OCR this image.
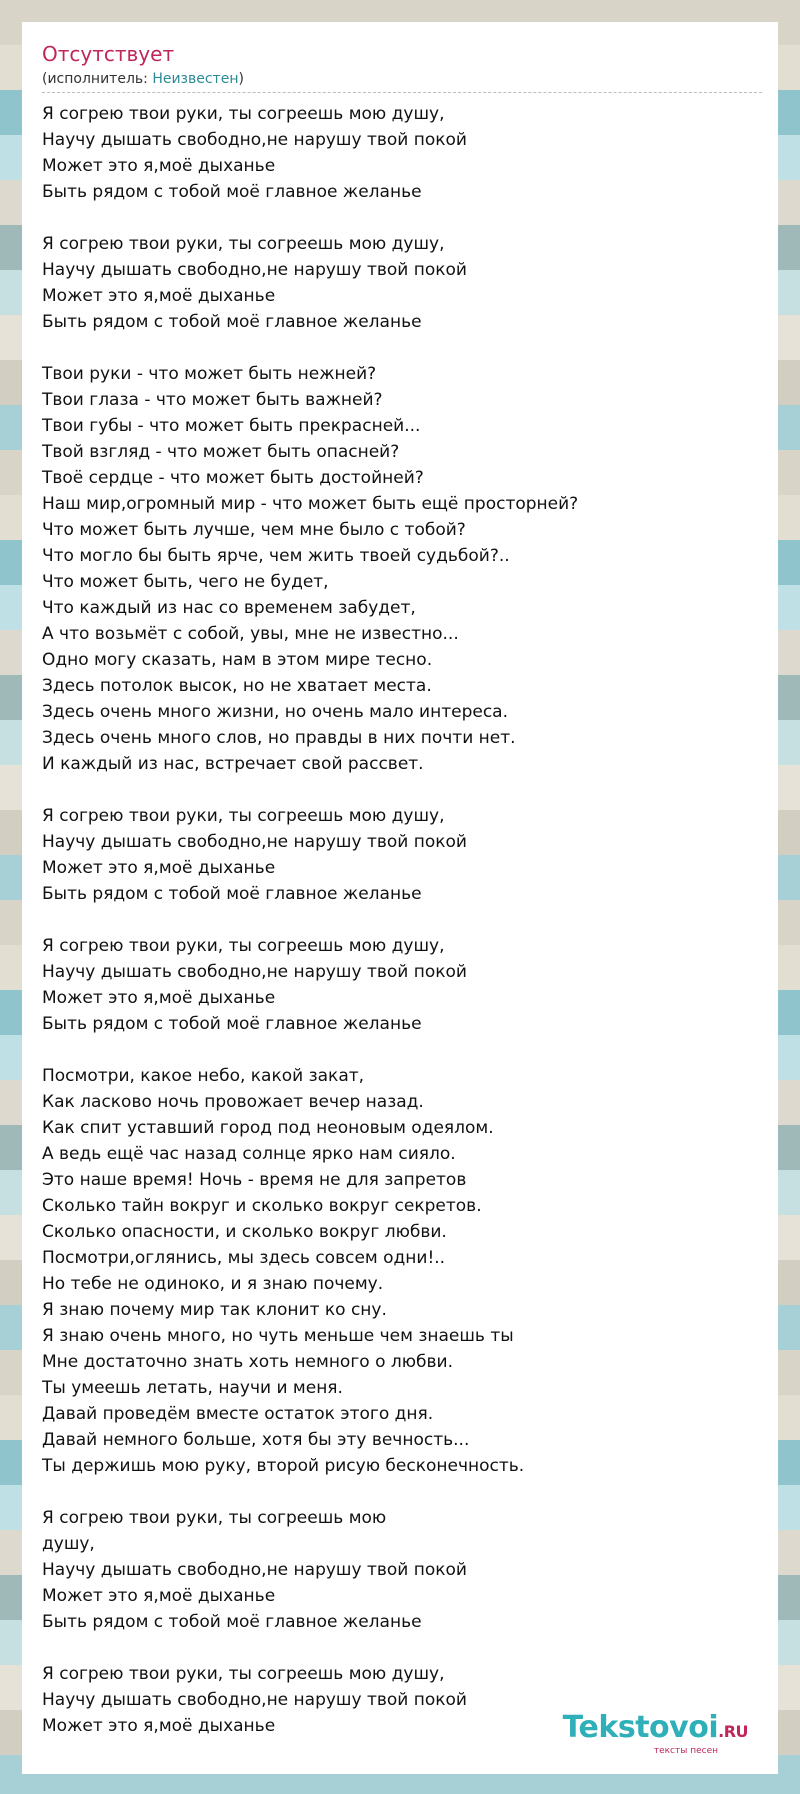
Отсутствует
(исполнитель: Неизвестен)
Я согрею твои руки, ты согреешь мою душу,
Научу дышать свободно,не нарушу твой покой
Может это я,моё дыханье
Быть рядом с тобой моё главное желанье
Я согрею твои руки, ты согреешь мою душу,
Научу дышать свободно,не нарушу твой покой
Может это я,моё дыханье
Быть рядом с тобой моё главное желанье
Твои руки - что может быть нежней?
Твои глаза - что может быть важней?
Твои губы - что может быть прекрасней...
Твой взгляд - что может быть опасней?
Твоё сердце - что может быть достойней?
Наш мир,огромный мир - что может быть ещё просторней?
Что может быть лучше, чем мне было с тобой?
Что могло бы быть ярче, чем жить твоей судьбой?..
Что может быть, чего не будет,
Что каждый из нас со временем забудет,
А что возьмёт с собой, увы, мне не известно...
Одно могу сказать, нам в этом мире тесно.
Здесь потолок высок, но не хватает места.
Здесь очень много жизни, но очень мало интереса.
Здесь очень много слов, но правды в них почти нет.
И каждый из нас, встречает свой рассвет.
Я согрею твои руки, ты согреешь мою душу,
Научу дышать свободно,не нарушу твой покой
Может это я,моё дыханье
Быть рядом с тобой моё главное желанье
Я согрею твои руки, ты согреешь мою душу,
Научу дышать свободно,не нарушу твой покой
Может это я,моё дыханье
Быть рядом с тобой моё главное желанье
Посмотри, какое небо, какой закат,
Как ласково ночь провожает вечер назад.
Как спит уставший город под неоновым одеялом.
А ведь ещё час назад солнце ярко нам сияло.
Это наше время! Ночь - время не для запретов
Сколько тайн вокруг и сколько вокруг секретов.
Сколько опасности, и сколько вокруг любви.
Посмотри,оглянись, мы здесь совсем одни!..
Но тебе не одиноко, и я знаю почему.
Я знаю почему мир так клонит ко сну.
Я знаю очень много, но чуть меньше чем знаешь ты
Мне достаточно знать хоть немного о любви.
Ты умеешь летать, научи и меня.
Давай проведём вместе остаток этого дня.
Давай немного больше, хотя бы эту вечность...
Ты держишь мою руку, второй рисую бесконечность.
Я согрею твои руки, ты согреешь мою
душу,
Научу дышать свободно,не нарушу твой покой
Может это я,моё дыханье
Быть рядом с тобой моё главное желанье
Я согрею твои руки, ты согреешь мою душу,
Научу дышать свободно,не нарушу твой покой
Может это я,моё дыханье	Tekstovoi.RU
тексты песен
